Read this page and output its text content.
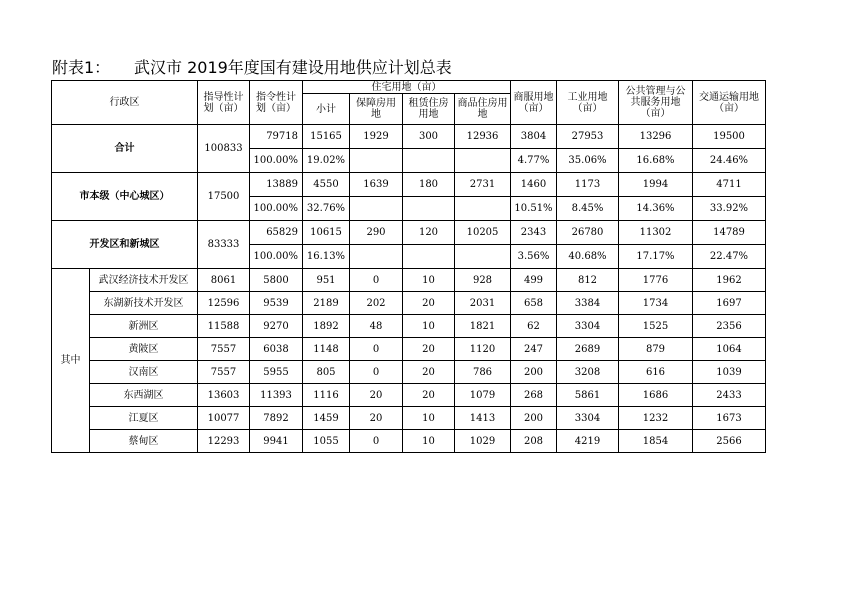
附表1： 武汉市 2019年度国有建设用地供应计划总表
行政区		指导性计划（亩）	指令性计划（亩）	住宅用地（亩）				商服用地（亩）	工业用地（亩）	公共管理与公共服务用地（亩）	交通运输用地（亩）
				小计	保障房用地	租赁住房用地	商品住房用地				
合计		100833	79718	15165	1929	300	12936	3804	27953	13296	19500
			100.00%	19.02%				4.77%	35.06%	16.68%	24.46%
市本级（中心城区）		17500	13889	4550	1639	180	2731	1460	1173	1994	4711
			100.00%	32.76%				10.51%	8.45%	14.36%	33.92%
开发区和新城区		83333	65829	10615	290	120	10205	2343	26780	11302	14789
			100.00%	16.13%				3.56%	40.68%	17.17%	22.47%
其中	武汉经济技术开发区	8061	5800	951	0	10	928	499	812	1776	1962
	东湖新技术开发区	12596	9539	2189	202	20	2031	658	3384	1734	1697
	新洲区	11588	9270	1892	48	10	1821	62	3304	1525	2356
	黄陂区	7557	6038	1148	0	20	1120	247	2689	879	1064
	汉南区	7557	5955	805	0	20	786	200	3208	616	1039
	东西湖区	13603	11393	1116	20	20	1079	268	5861	1686	2433
	江夏区	10077	7892	1459	20	10	1413	200	3304	1232	1673
	蔡甸区	12293	9941	1055	0	10	1029	208	4219	1854	2566
